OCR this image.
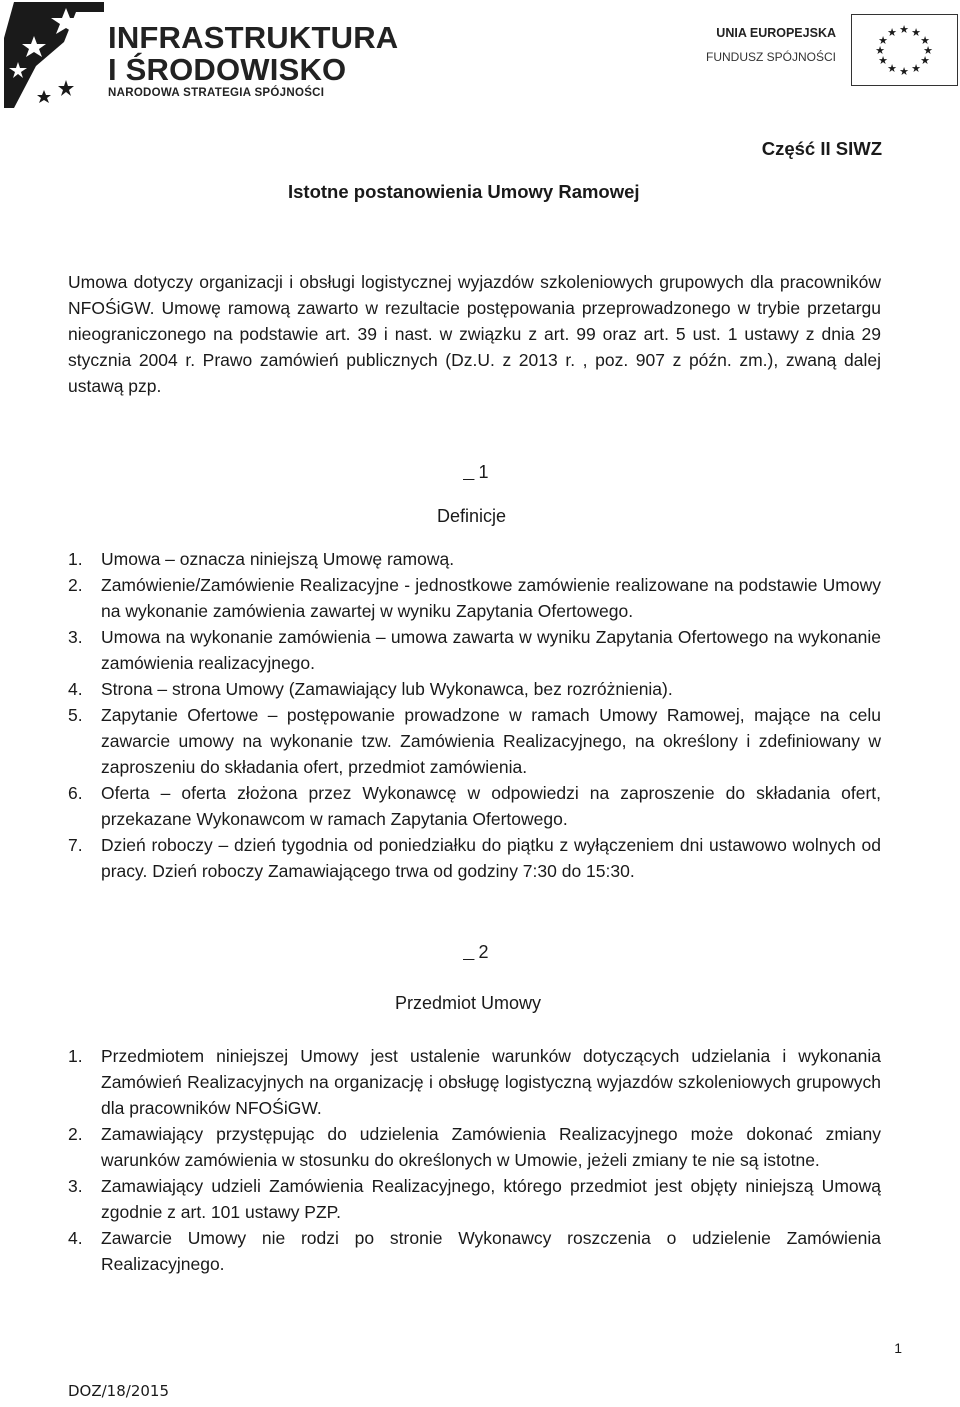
INFRASTRUKTURA
I ŚRODOWISKO
NARODOWA STRATEGIA SPÓJNOŚCI
UNIA EUROPEJSKA
FUNDUSZ SPÓJNOŚCI
★ ★
★
★
★
★
★
★
★
★
★
★
Część II SIWZ
Istotne postanowienia Umowy Ramowej

Umowa dotyczy organizacji i obsługi logistycznej wyjazdów szkoleniowych grupowych dla pracowników NFOŚiGW. Umowę ramową zawarto w rezultacie postępowania przeprowadzonego w trybie przetargu nieograniczonego na podstawie art. 39 i nast. w związku z art. 99 oraz art. 5 ust. 1 ustawy z dnia 29 stycznia 2004 r. Prawo zamówień publicznych (Dz.U. z 2013 r. , poz. 907 z późn. zm.), zwaną dalej ustawą pzp.

1
Definicje
1. Umowa – oznacza niniejszą Umowę ramową.
2. Zamówienie/Zamówienie Realizacyjne - jednostkowe zamówienie realizowane na podstawie Umowy na wykonanie zamówienia zawartej w wyniku Zapytania Ofertowego.
3. Umowa na wykonanie zamówienia – umowa zawarta w wyniku Zapytania Ofertowego na wykonanie zamówienia realizacyjnego.
4. Strona – strona Umowy (Zamawiający lub Wykonawca, bez rozróżnienia).
5. Zapytanie Ofertowe – postępowanie prowadzone w ramach Umowy Ramowej, mające na celu zawarcie umowy na wykonanie tzw. Zamówienia Realizacyjnego, na określony i zdefiniowany w zaproszeniu do składania ofert, przedmiot zamówienia.
6. Oferta – oferta złożona przez Wykonawcę w odpowiedzi na zaproszenie do składania ofert, przekazane Wykonawcom w ramach Zapytania Ofertowego.
7. Dzień roboczy – dzień tygodnia od poniedziałku do piątku z wyłączeniem dni ustawowo wolnych od pracy. Dzień roboczy Zamawiającego trwa od godziny 7:30 do 15:30.
2
Przedmiot Umowy
1. Przedmiotem niniejszej Umowy jest ustalenie warunków dotyczących udzielania i wykonania Zamówień Realizacyjnych na organizację i obsługę logistyczną wyjazdów szkoleniowych grupowych dla pracowników NFOŚiGW.
2. Zamawiający przystępując do udzielenia Zamówienia Realizacyjnego może dokonać zmiany warunków zamówienia w stosunku do określonych w Umowie, jeżeli zmiany te nie są istotne.
3. Zamawiający udzieli Zamówienia Realizacyjnego, którego przedmiot jest objęty niniejszą Umową zgodnie z art. 101 ustawy PZP.
4. Zawarcie Umowy nie rodzi po stronie Wykonawcy roszczenia o udzielenie Zamówienia Realizacyjnego.
1
DOZ/18/2015
